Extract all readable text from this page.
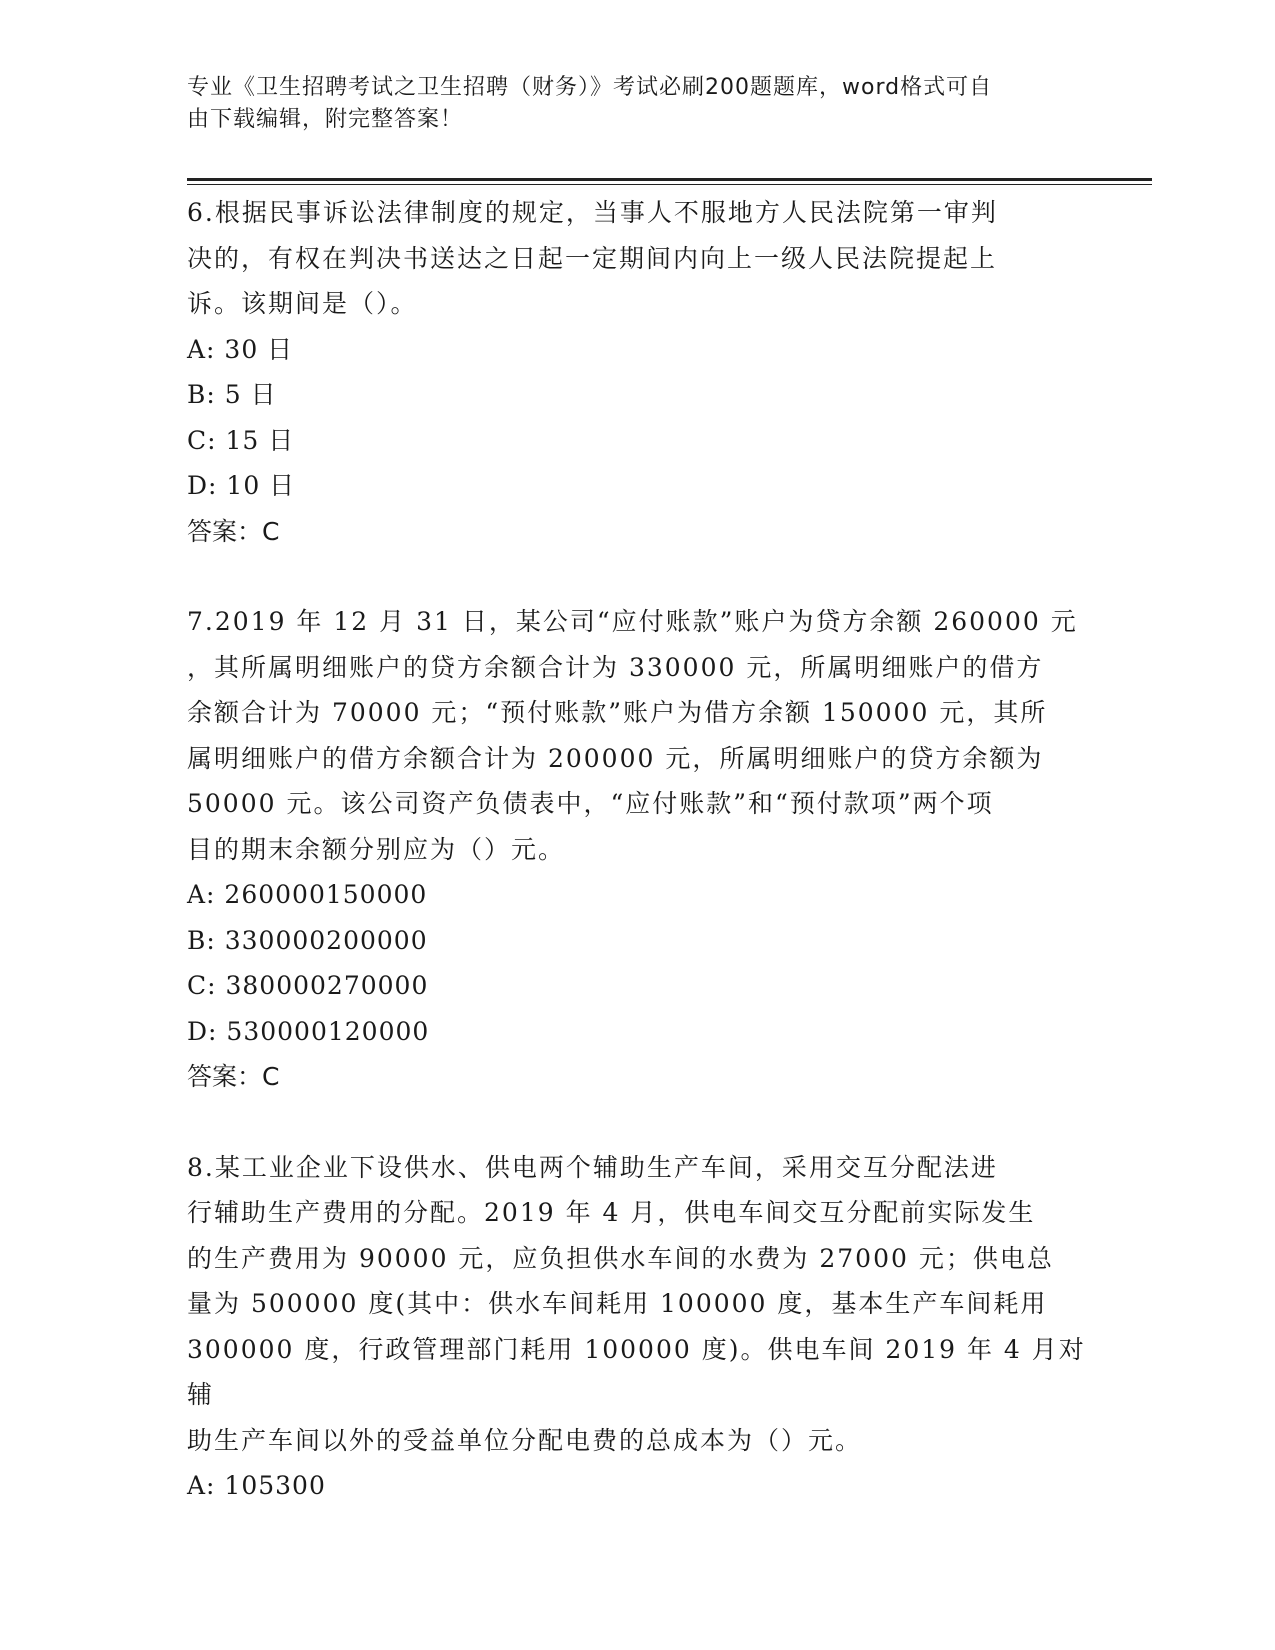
专业《卫生招聘考试之卫生招聘（财务）》考试必刷200题题库，word格式可自
由下载编辑，附完整答案！

6.根据民事诉讼法律制度的规定，当事人不服地方人民法院第一审判

决的，有权在判决书送达之日起一定期间内向上一级人民法院提起上

诉。该期间是（）。

A: 30 日

B: 5 日

C: 15 日

D: 10 日

答案：C

7.2019 年 12 月 31 日，某公司“应付账款”账户为贷方余额 260000 元

，其所属明细账户的贷方余额合计为 330000 元，所属明细账户的借方

余额合计为 70000 元；“预付账款”账户为借方余额 150000 元，其所

属明细账户的借方余额合计为 200000 元，所属明细账户的贷方余额为

50000 元。该公司资产负债表中，“应付账款”和“预付款项”两个项

目的期末余额分别应为（）元。

A: 260000150000

B: 330000200000

C: 380000270000

D: 530000120000

答案：C

8.某工业企业下设供水、供电两个辅助生产车间，采用交互分配法进

行辅助生产费用的分配。2019 年 4 月，供电车间交互分配前实际发生

的生产费用为 90000 元，应负担供水车间的水费为 27000 元；供电总

量为 500000 度(其中：供水车间耗用 100000 度，基本生产车间耗用

300000 度，行政管理部门耗用 100000 度)。供电车间 2019 年 4 月对辅

助生产车间以外的受益单位分配电费的总成本为（）元。

A: 105300
